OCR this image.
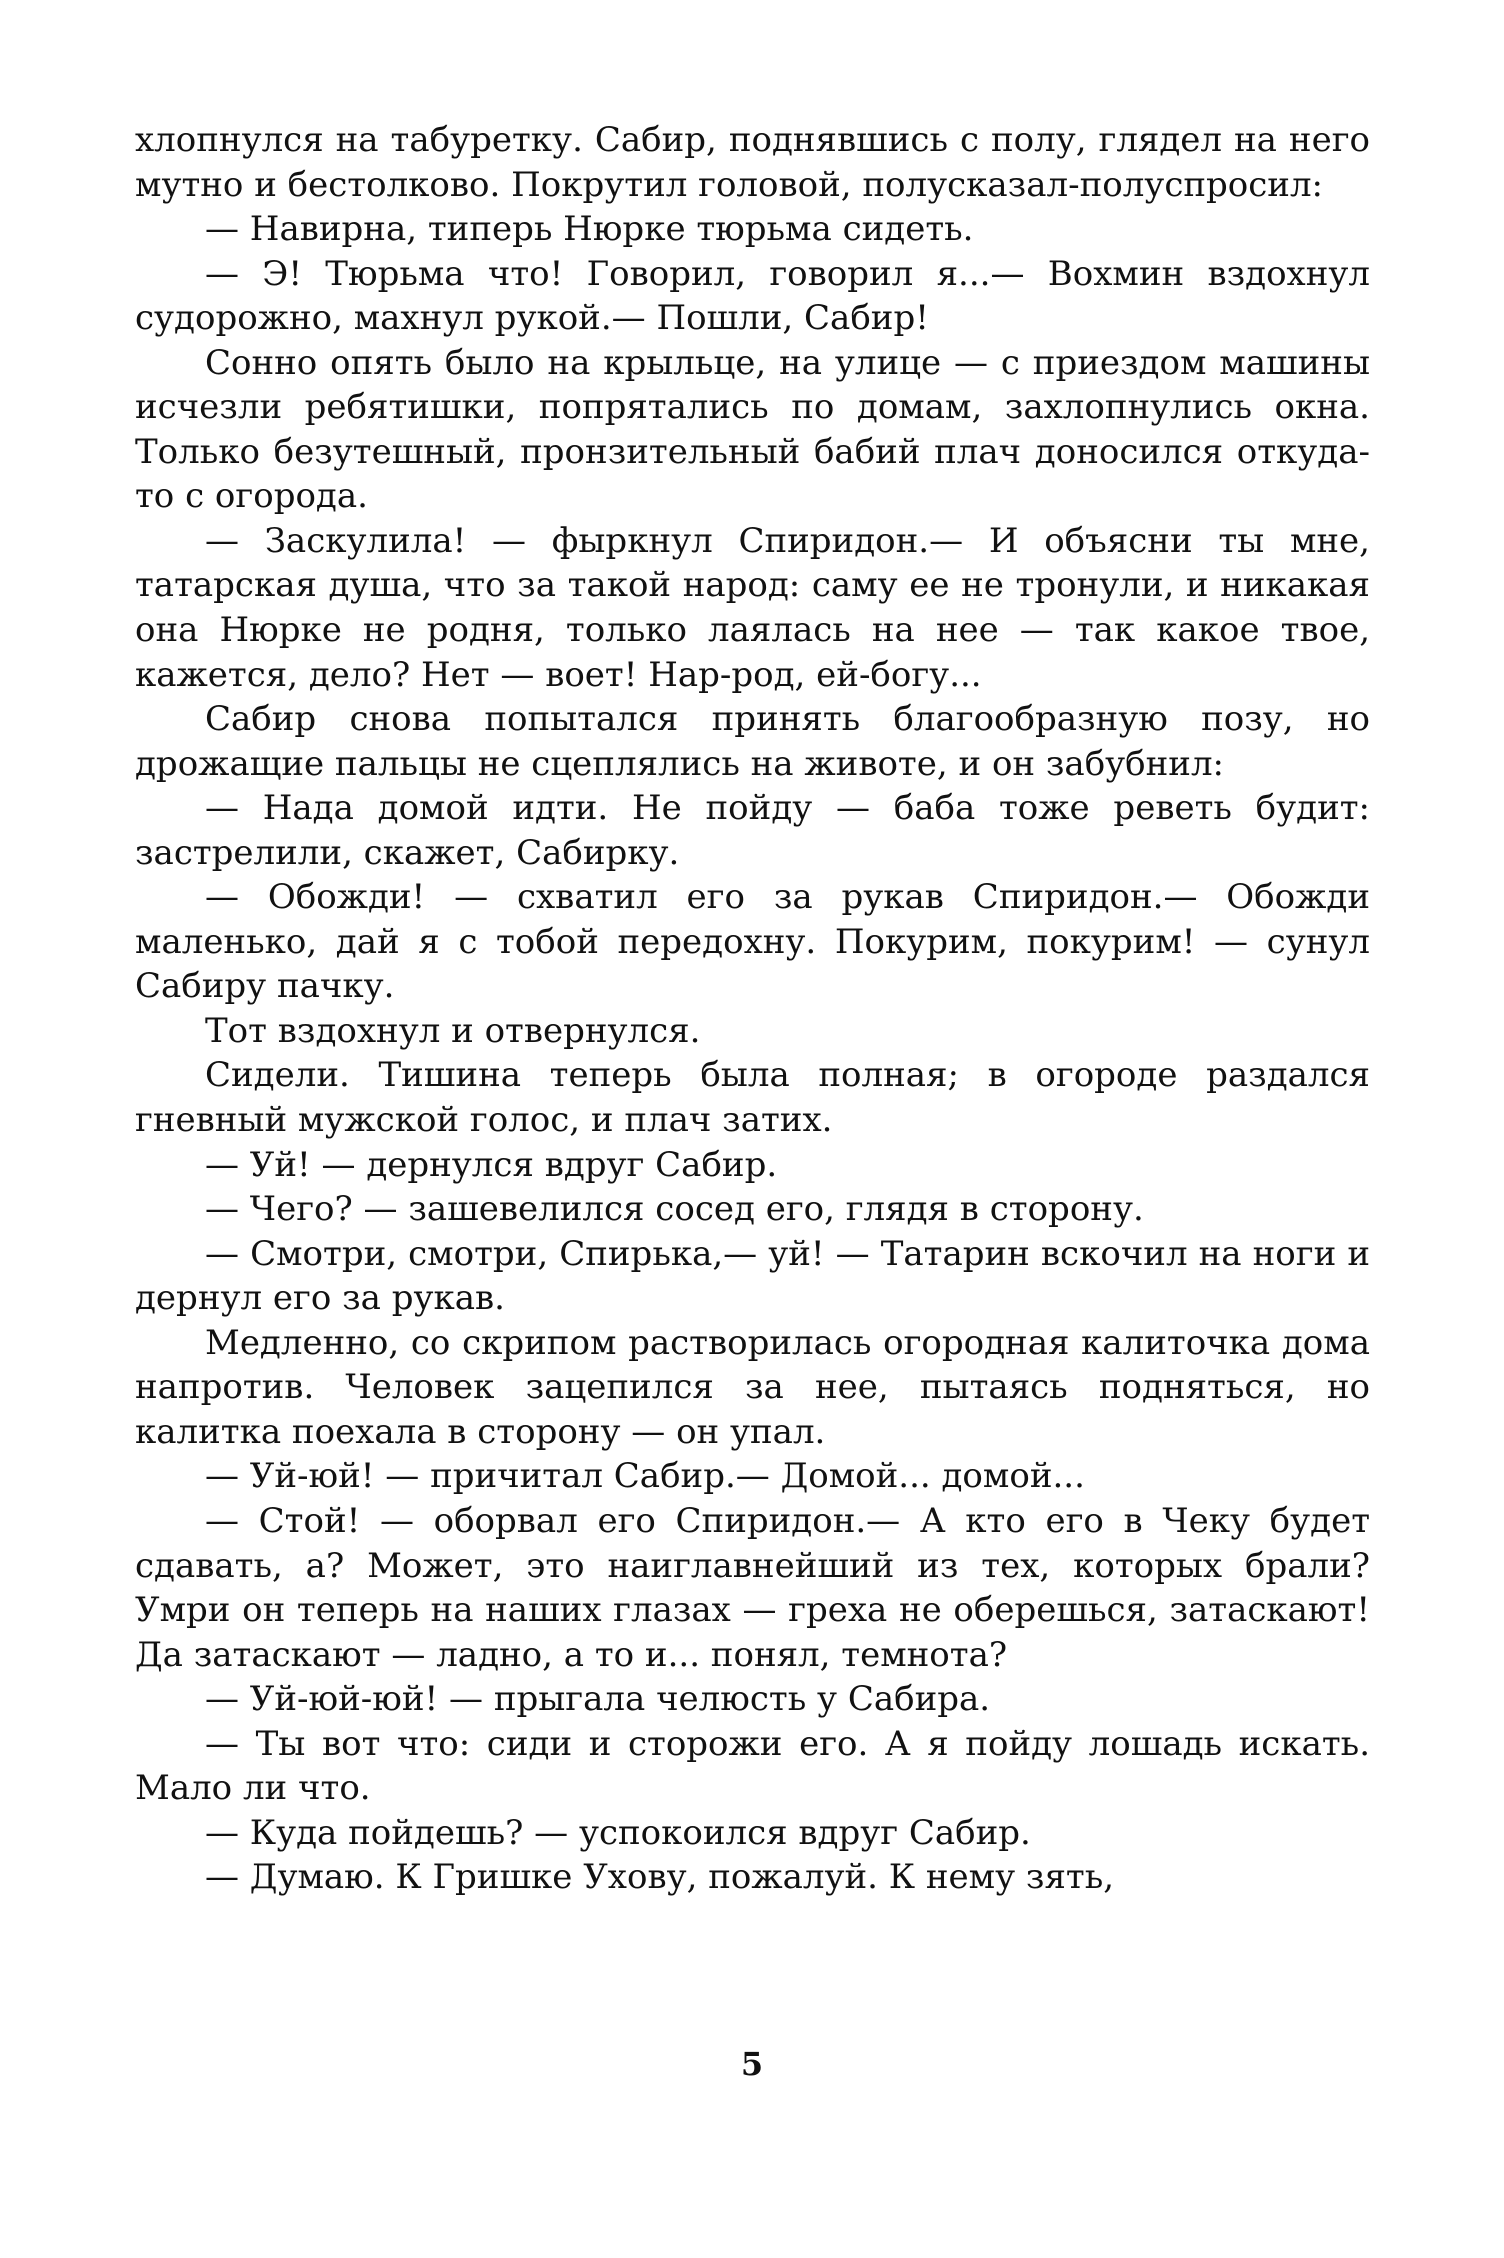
хлопнулся на табуретку. Сабир, поднявшись с полу, глядел на него мутно и бестолково. Покрутил головой, полусказал-полуспросил:

— Навирна, типерь Нюрке тюрьма сидеть.

— Э! Тюрьма что! Говорил, говорил я...— Вохмин вздохнул судорожно, махнул рукой.— Пошли, Сабир!

Сонно опять было на крыльце, на улице — с приездом машины исчезли ребятишки, попрятались по домам, захлопнулись окна. Только безутешный, пронзительный бабий плач доносился откуда-то с огорода.

— Заскулила! — фыркнул Спиридон.— И объясни ты мне, татарская душа, что за такой народ: саму ее не тронули, и никакая она Нюрке не родня, только лаялась на нее — так какое твое, кажется, дело? Нет — воет! Нар-род, ей-богу...

Сабир снова попытался принять благообразную позу, но дрожащие пальцы не сцеплялись на животе, и он забубнил:

— Нада домой идти. Не пойду — баба тоже реветь будит: застрелили, скажет, Сабирку.

— Обожди! — схватил его за рукав Спиридон.— Обожди маленько, дай я с тобой передохну. Покурим, покурим! — сунул Сабиру пачку.

Тот вздохнул и отвернулся.

Сидели. Тишина теперь была полная; в огороде раздался гневный мужской голос, и плач затих.

— Уй! — дернулся вдруг Сабир.

— Чего? — зашевелился сосед его, глядя в сторону.

— Смотри, смотри, Спирька,— уй! — Татарин вскочил на ноги и дернул его за рукав.

Медленно, со скрипом растворилась огородная калиточка дома напротив. Человек зацепился за нее, пытаясь подняться, но калитка поехала в сторону — он упал.

— Уй-юй! — причитал Сабир.— Домой... домой...

— Стой! — оборвал его Спиридон.— А кто его в Чеку будет сдавать, а? Может, это наиглавнейший из тех, которых брали? Умри он теперь на наших глазах — греха не оберешься, затаскают! Да затаскают — ладно, а то и... понял, темнота?

— Уй-юй-юй! — прыгала челюсть у Сабира.

— Ты вот что: сиди и сторожи его. А я пойду лошадь искать. Мало ли что.

— Куда пойдешь? — успокоился вдруг Сабир.

— Думаю. К Гришке Ухову, пожалуй. К нему зять,

5
